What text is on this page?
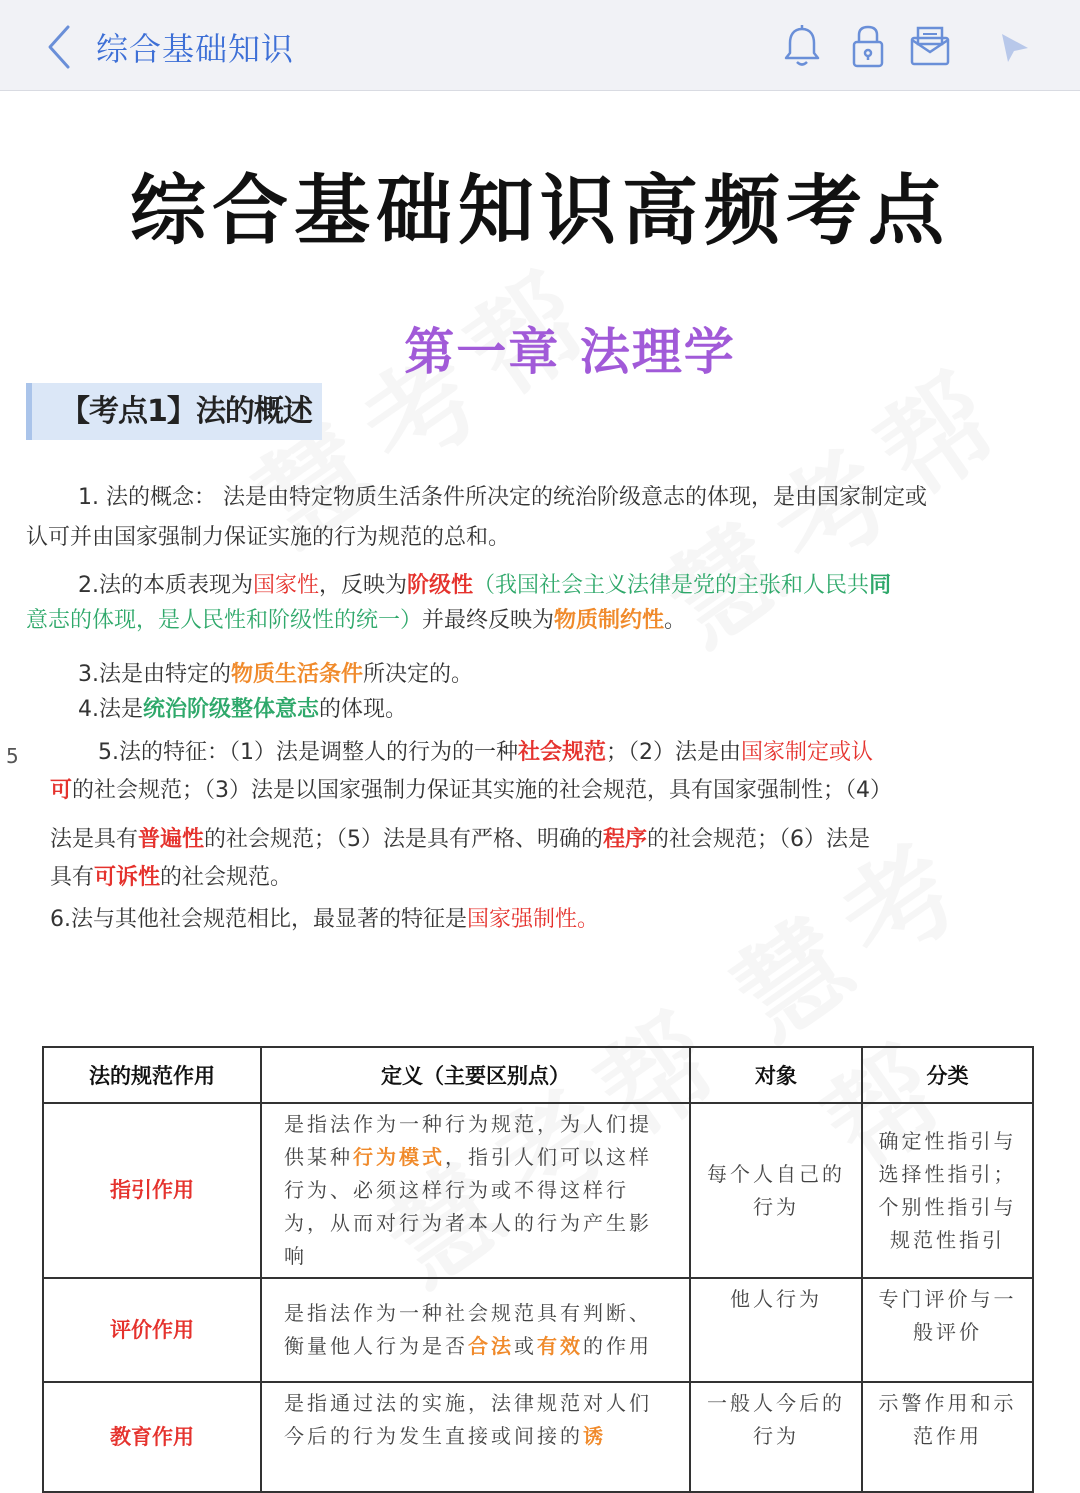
综合基础知识
综合基础知识高频考点
第一章 法理学
【考点1】法的概述
1. 法的概念： 法是由特定物质生活条件所决定的统治阶级意志的体现，是由国家制定或
认可并由国家强制力保证实施的行为规范的总和。
2.法的本质表现为国家性，反映为阶级性（我国社会主义法律是党的主张和人民共同
意志的体现，是人民性和阶级性的统一）并最终反映为物质制约性。
3.法是由特定的物质生活条件所决定的。
4.法是统治阶级整体意志的体现。
5	5.法的特征：（1）法是调整人的行为的一种社会规范；（2）法是由国家制定或认
可的社会规范；（3）法是以国家强制力保证其实施的社会规范，具有国家强制性；（4）
法是具有普遍性的社会规范；（5）法是具有严格、明确的程序的社会规范；（6）法是
具有可诉性的社会规范。
6.法与其他社会规范相比，最显著的特征是国家强制性。
法的规范作用	定义（主要区别点）	对象	分类
指引作用	是指法作为一种行为规范，为人们提供某种行为模式，指引人们可以这样行为、必须这样行为或不得这样行为，从而对行为者本人的行为产生影响	每个人自己的行为	确定性指引与选择性指引；个别性指引与规范性指引
评价作用	是指法作为一种社会规范具有判断、衡量他人行为是否合法或有效的作用	他人行为	专门评价与一般评价
教育作用	是指通过法的实施，法律规范对人们今后的行为发生直接或间接的诱	一般人今后的行为	示警作用和示范作用
